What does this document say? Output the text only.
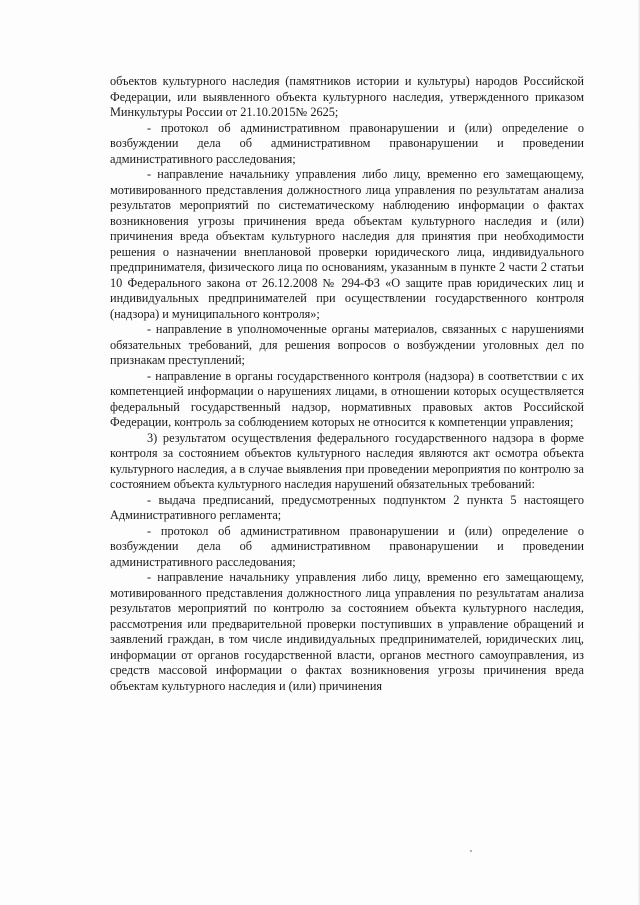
объектов культурного наследия (памятников истории и культуры) народов Российской Федерации, или выявленного объекта культурного наследия, утвержденного приказом Минкультуры России от 21.10.2015№ 2625;

- протокол об административном правонарушении и (или) определение о возбуждении дела об административном правонарушении и проведении административного расследования;

- направление начальнику управления либо лицу, временно его замещающему, мотивированного представления должностного лица управления по результатам анализа результатов мероприятий по систематическому наблюдению информации о фактах возникновения угрозы причинения вреда объектам культурного наследия и (или) причинения вреда объектам культурного наследия для принятия при необходимости решения о назначении внеплановой проверки юридического лица, индивидуального предпринимателя, физического лица по основаниям, указанным в пункте 2 части 2 статьи 10 Федерального закона от 26.12.2008 № 294-ФЗ «О защите прав юридических лиц и индивидуальных предпринимателей при осуществлении государственного контроля (надзора) и муниципального контроля»;

- направление в уполномоченные органы материалов, связанных с нарушениями обязательных требований, для решения вопросов о возбуждении уголовных дел по признакам преступлений;

- направление в органы государственного контроля (надзора) в соответствии с их компетенцией информации о нарушениях лицами, в отношении которых осуществляется федеральный государственный надзор, нормативных правовых актов Российской Федерации, контроль за соблюдением которых не относится к компетенции управления;

3) результатом осуществления федерального государственного надзора в форме контроля за состоянием объектов культурного наследия являются акт осмотра объекта культурного наследия, а в случае выявления при проведении мероприятия по контролю за состоянием объекта культурного наследия нарушений обязательных требований:

- выдача предписаний, предусмотренных подпунктом 2 пункта 5 настоящего Административного регламента;

- протокол об административном правонарушении и (или) определение о возбуждении дела об административном правонарушении и проведении административного расследования;

- направление начальнику управления либо лицу, временно его замещающему, мотивированного представления должностного лица управления по результатам анализа результатов мероприятий по контролю за состоянием объекта культурного наследия, рассмотрения или предварительной проверки поступивших в управление обращений и заявлений граждан, в том числе индивидуальных предпринимателей, юридических лиц, информации от органов государственной власти, органов местного самоуправления, из средств массовой информации о фактах возникновения угрозы причинения вреда объектам культурного наследия и (или) причинения
